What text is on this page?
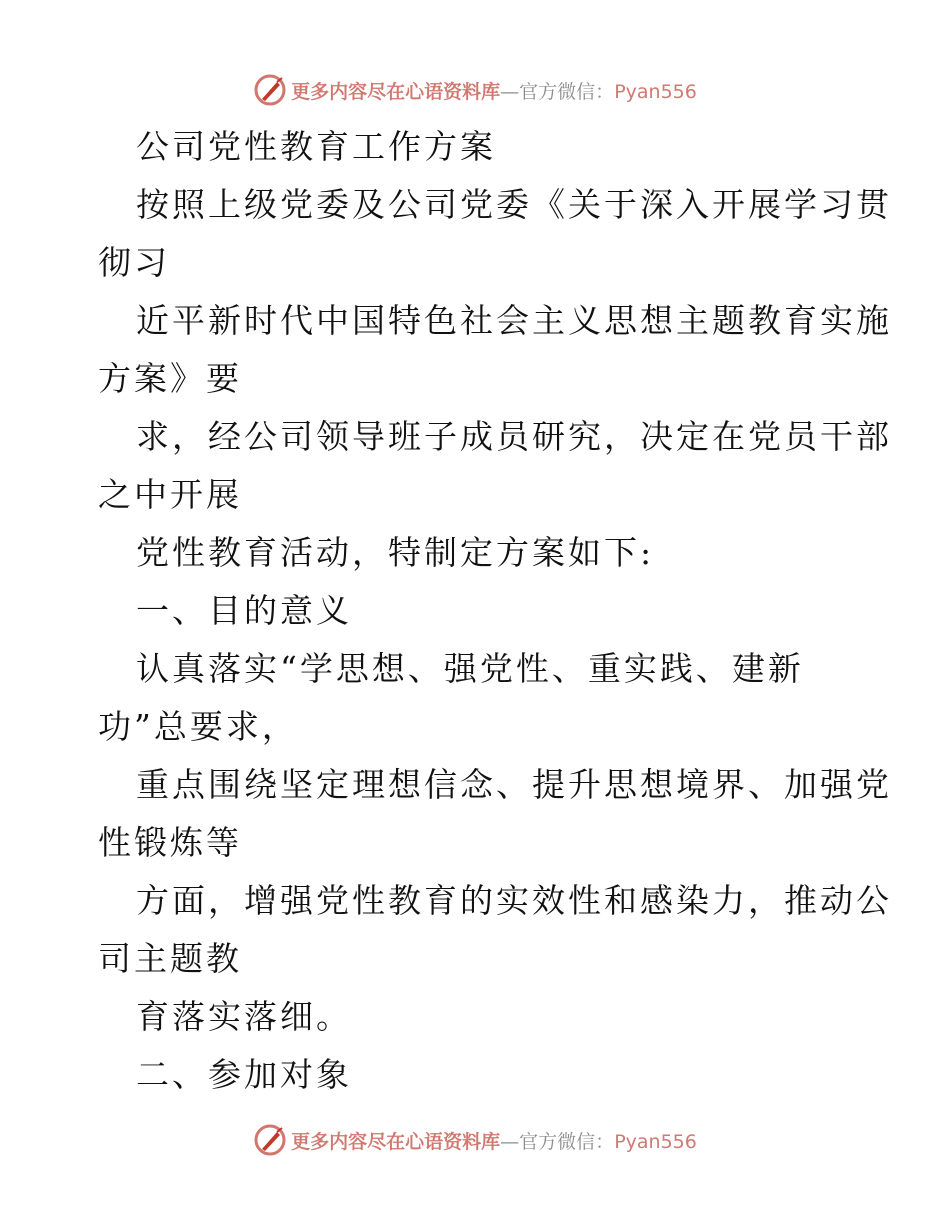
更多内容尽在心语资料库 —官方微信： Pyan556
公司党性教育工作方案
按照上级党委及公司党委《关于深入开展学习贯
彻习
近平新时代中国特色社会主义思想主题教育实施
方案》要
求，经公司领导班子成员研究，决定在党员干部
之中开展
党性教育活动，特制定方案如下:
一、目的意义
认真落实“学思想、强党性、重实践、建新
功”总要求，
重点围绕坚定理想信念、提升思想境界、加强党
性锻炼等
方面，增强党性教育的实效性和感染力，推动公
司主题教
育落实落细。
二、参加对象
更多内容尽在心语资料库 —官方微信： Pyan556
